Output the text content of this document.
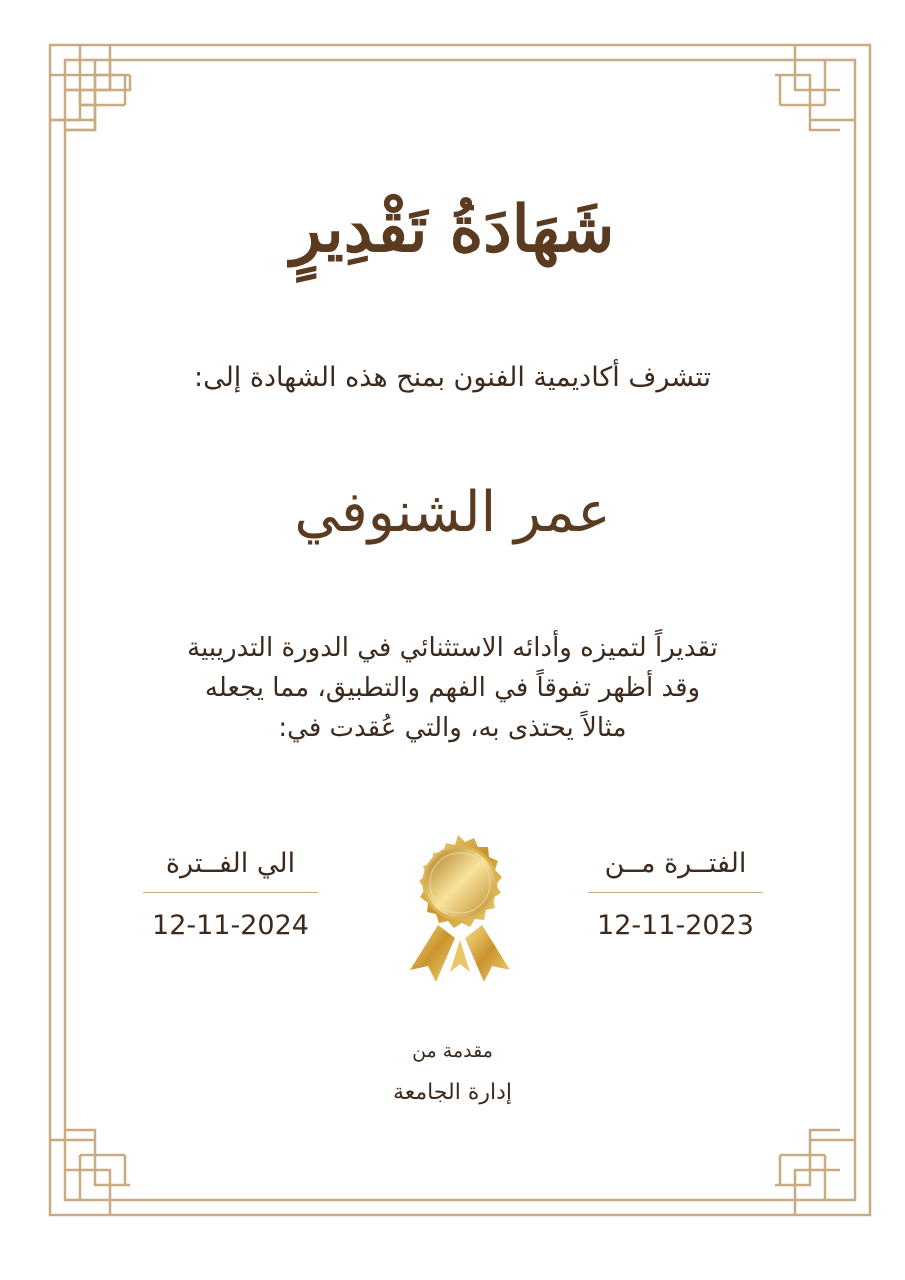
شَهَادَةُ تَقْدِيرٍ

تتشرف أكاديمية الفنون بمنح هذه الشهادة إلى:

عمر الشنوفي

تقديراً لتميزه وأدائه الاستثنائي في الدورة التدريبية
وقد أظهر تفوقاً في الفهم والتطبيق، مما يجعله
مثالاً يحتذى به، والتي عُقدت في:
الفتــرة مــن
12-11-2023
الي الفــترة
12-11-2024

مقدمة من

إدارة الجامعة
